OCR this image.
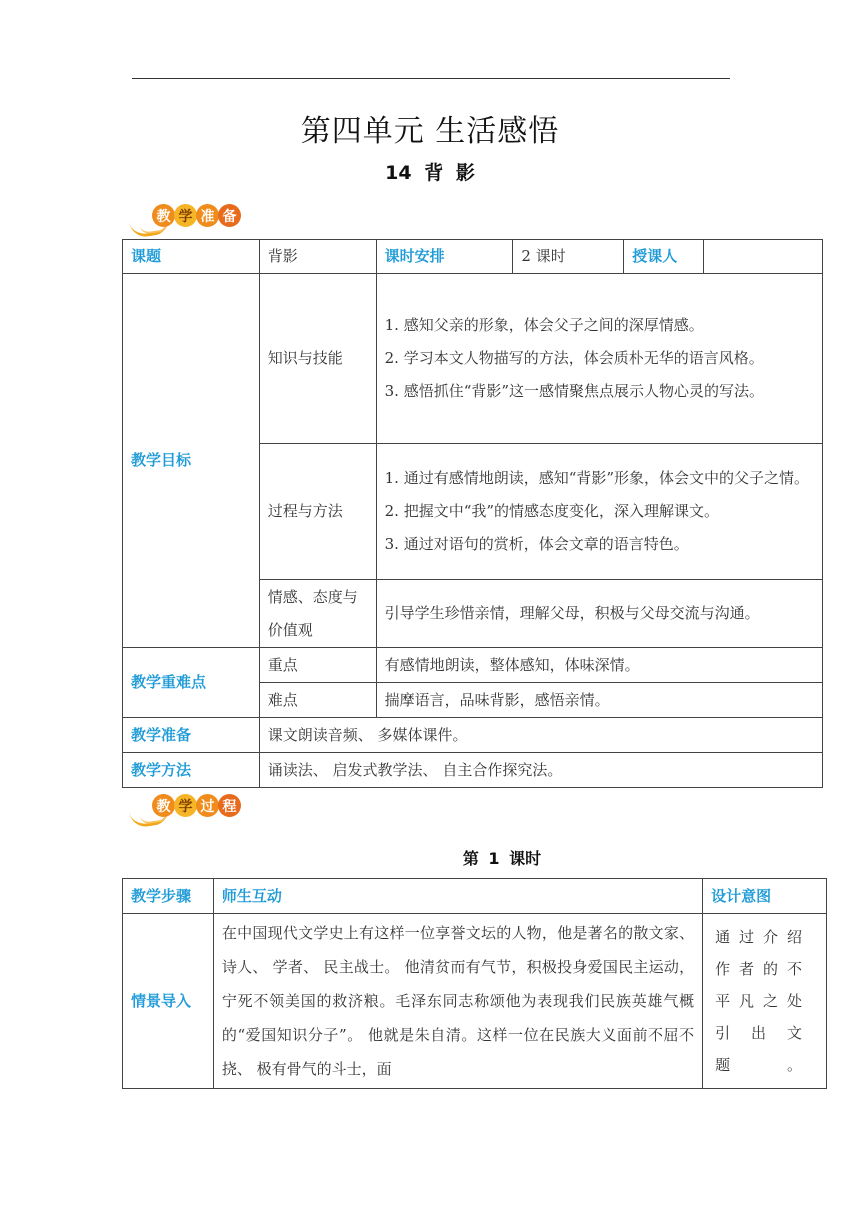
第四单元 生活感悟
14 背 影
教 学 准 备
课题	背影	课时安排	2 课时	授课人	
教学目标	知识与技能	1. 感知父亲的形象，体会父子之间的深厚情感。
2. 学习本文人物描写的方法，体会质朴无华的语言风格。
3. 感悟抓住“背影”这一感情聚焦点展示人物心灵的写法。			

	过程与方法	1. 通过有感情地朗读，感知“背影”形象，体会文中的父子之情。
2. 把握文中“我”的情感态度变化，深入理解课文。
3. 通过对语句的赏析，体会文章的语言特色。			

	情感、态度与价值观	引导学生珍惜亲情，理解父母，积极与父母交流与沟通。			
教学重难点	重点	有感情地朗读，整体感知，体味深情。			
	难点	揣摩语言，品味背影，感悟亲情。			
教学准备	课文朗读音频、 多媒体课件。				
教学方法	诵读法、 启发式教学法、 自主合作探究法。				
教 学 过 程
第 1 课时
教学步骤	师生互动	设计意图
情景导入	在中国现代文学史上有这样一位享誉文坛的人物，他是著名的散文家、 诗人、 学者、 民主战士。 他清贫而有气节，积极投身爱国民主运动，宁死不领美国的救济粮。毛泽东同志称颂他为表现我们民族英雄气概的“爱国知识分子”。 他就是朱自清。这样一位在民族大义面前不屈不挠、 极有骨气的斗士，面	通过介绍作者的不平凡之处引出文题。
